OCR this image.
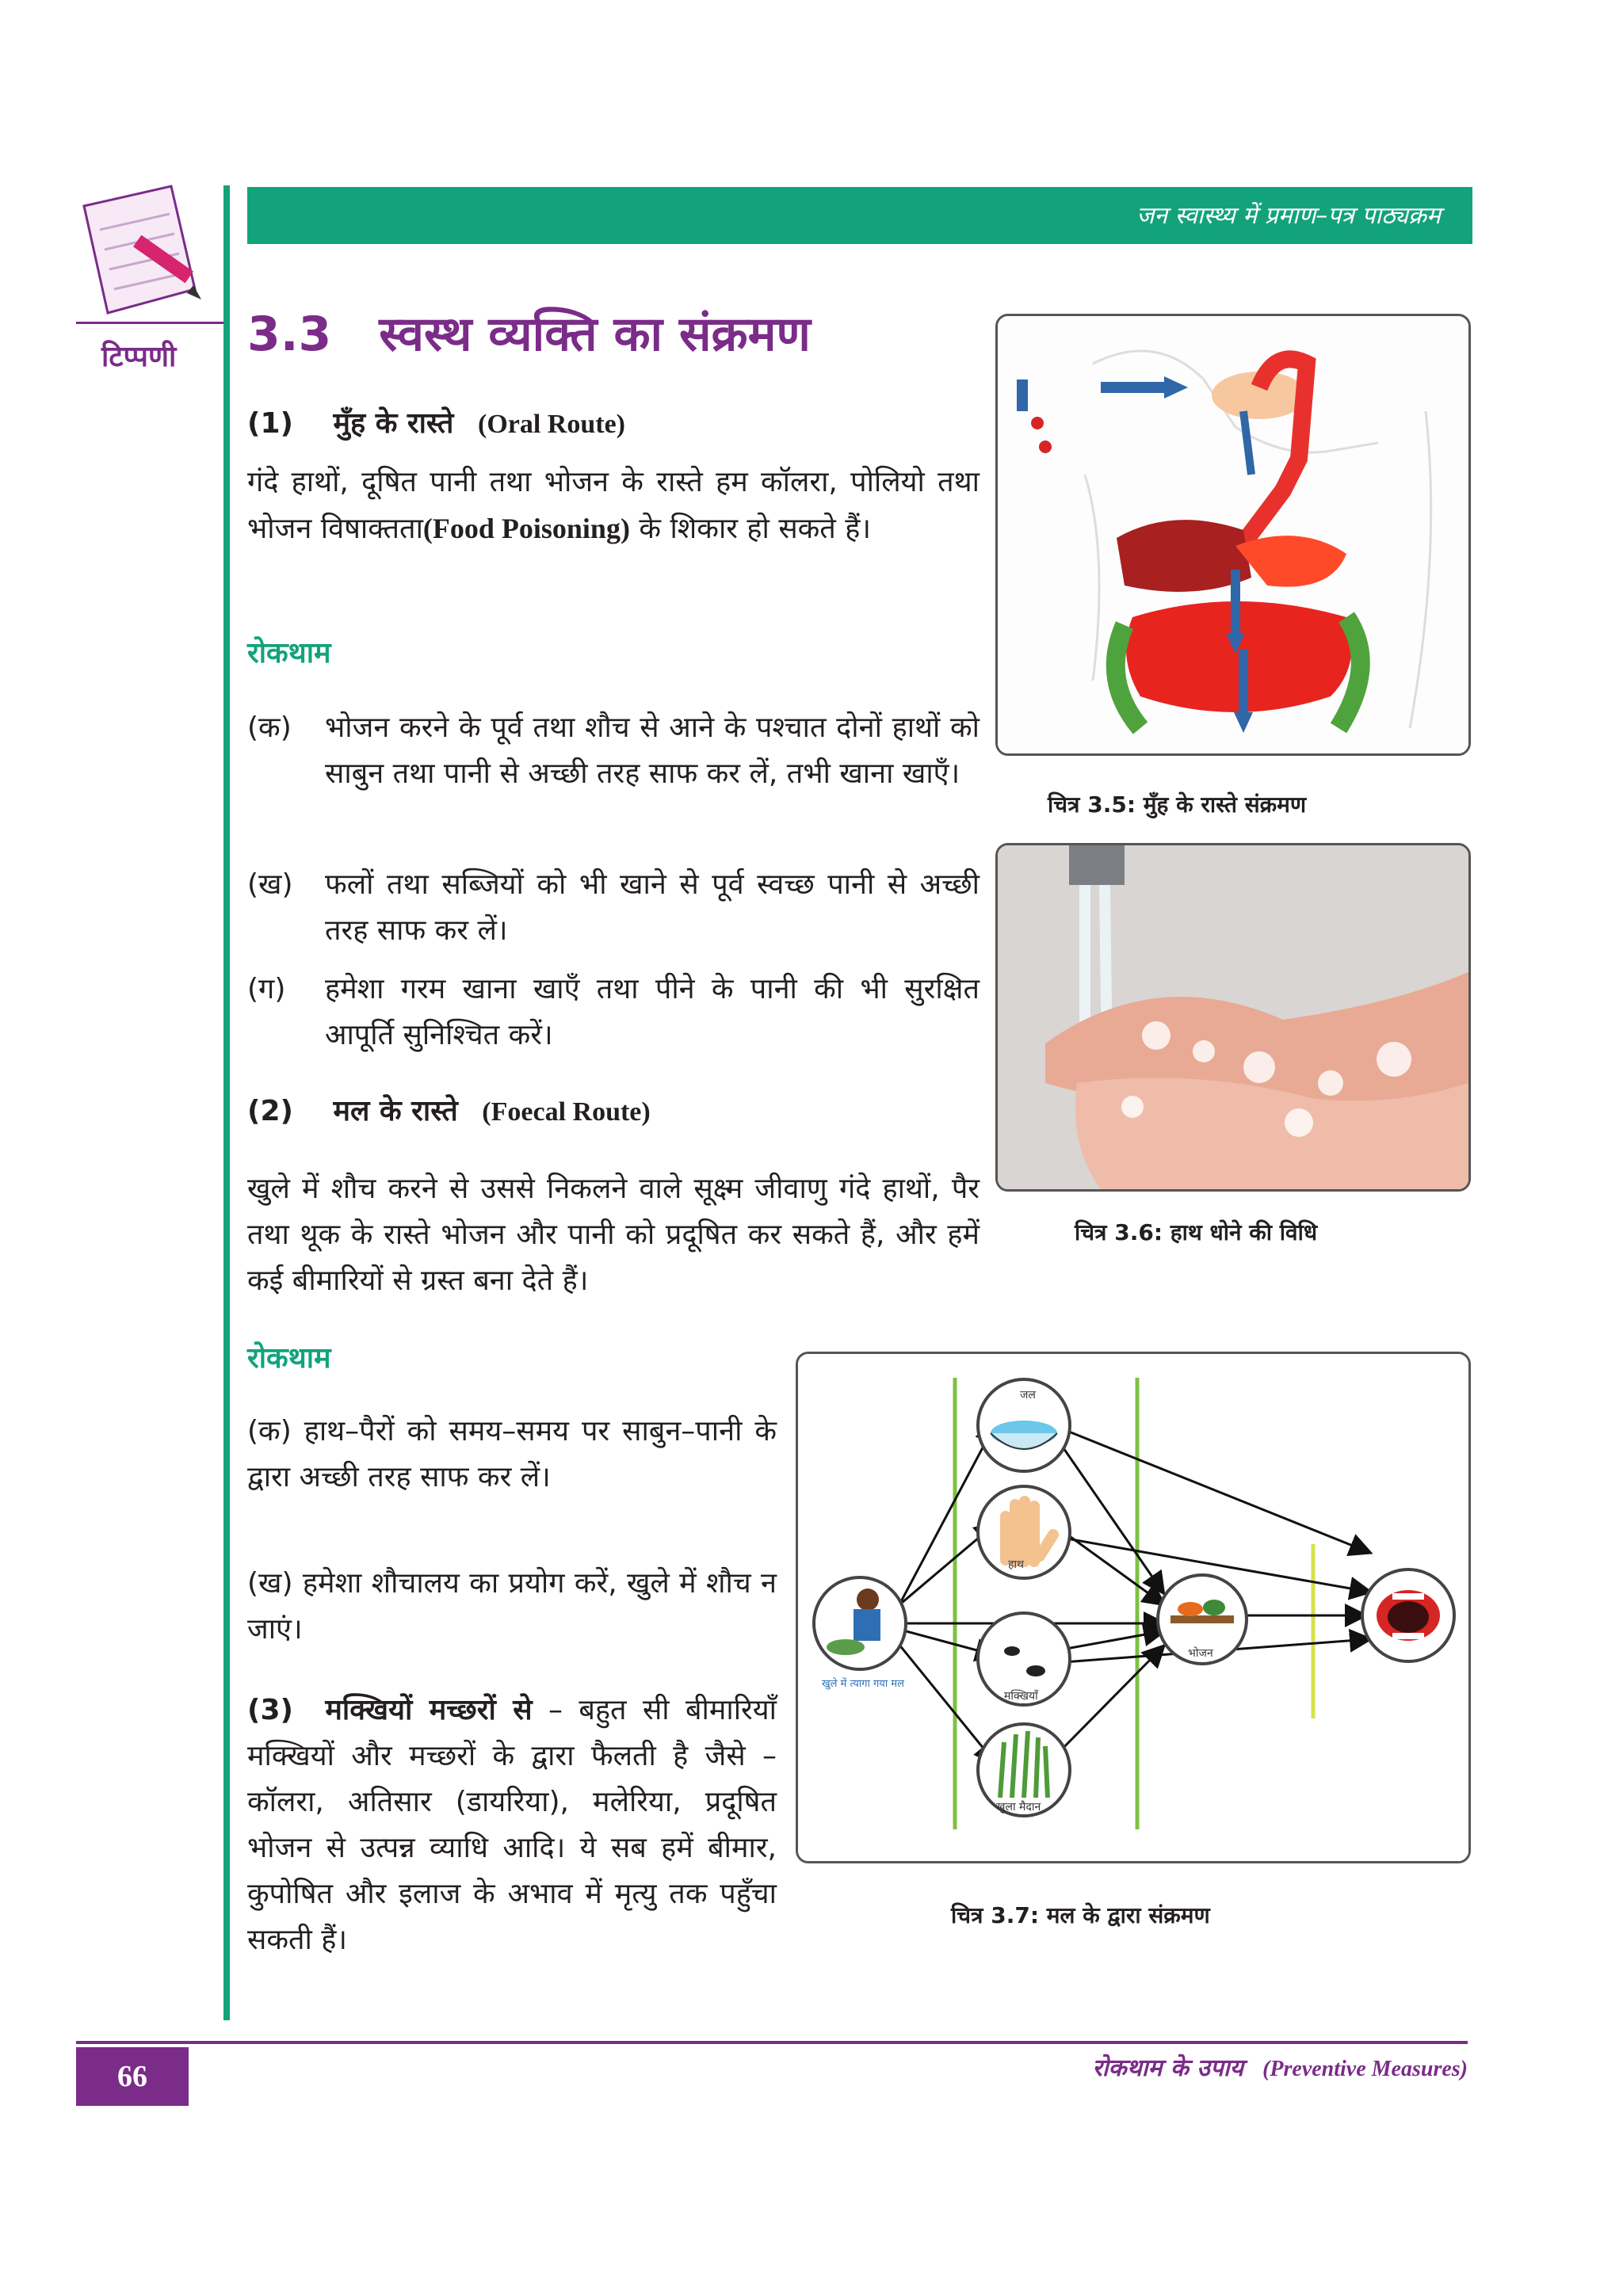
जन स्वास्थ्य में प्रमाण–पत्र पाठ्यक्रम
टिप्पणी 3.3 स्वस्थ व्यक्ति का संक्रमण
(1) मुँह के रास्ते (Oral Route)
गंदे हाथों, दूषित पानी तथा भोजन के रास्ते हम कॉलरा, पोलियो तथा भोजन विषाक्तता(Food Poisoning) के शिकार हो सकते हैं।
रोकथाम
(क) भोजन करने के पूर्व तथा शौच से आने के पश्चात दोनों हाथों को साबुन तथा पानी से अच्छी तरह साफ कर लें, तभी खाना खाएँ।
(ख) फलों तथा सब्जियों को भी खाने से पूर्व स्वच्छ पानी से अच्छी तरह साफ कर लें।
(ग) हमेशा गरम खाना खाएँ तथा पीने के पानी की भी सुरक्षित आपूर्ति सुनिश्चित करें।
(2) मल के रास्ते (Foecal Route)
खुले में शौच करने से उससे निकलने वाले सूक्ष्म जीवाणु गंदे हाथों, पैर तथा थूक के रास्ते भोजन और पानी को प्रदूषित कर सकते हैं, और हमें कई बीमारियों से ग्रस्त बना देते हैं।
रोकथाम
(क) हाथ–पैरों को समय–समय पर साबुन–पानी के द्वारा अच्छी तरह साफ कर लें।
(ख) हमेशा शौचालय का प्रयोग करें, खुले में शौच न जाएं।
(3) मक्खियों मच्छरों से – बहुत सी बीमारियाँ मक्खियों और मच्छरों के द्वारा फैलती है जैसे – कॉलरा, अतिसार (डायरिया), मलेरिया, प्रदूषित भोजन से उत्पन्न व्याधि आदि। ये सब हमें बीमार, कुपोषित और इलाज के अभाव में मृत्यु तक पहुँचा सकती हैं।
चित्र 3.5: मुँह के रास्ते संक्रमण
चित्र 3.6: हाथ धोने की विधि
जल
हाथ
मक्खियाँ
खुला मैदान
भोजन
खुले में त्यागा गया मल
चित्र 3.7: मल के द्वारा संक्रमण
66	रोकथाम के उपाय (Preventive Measures)
